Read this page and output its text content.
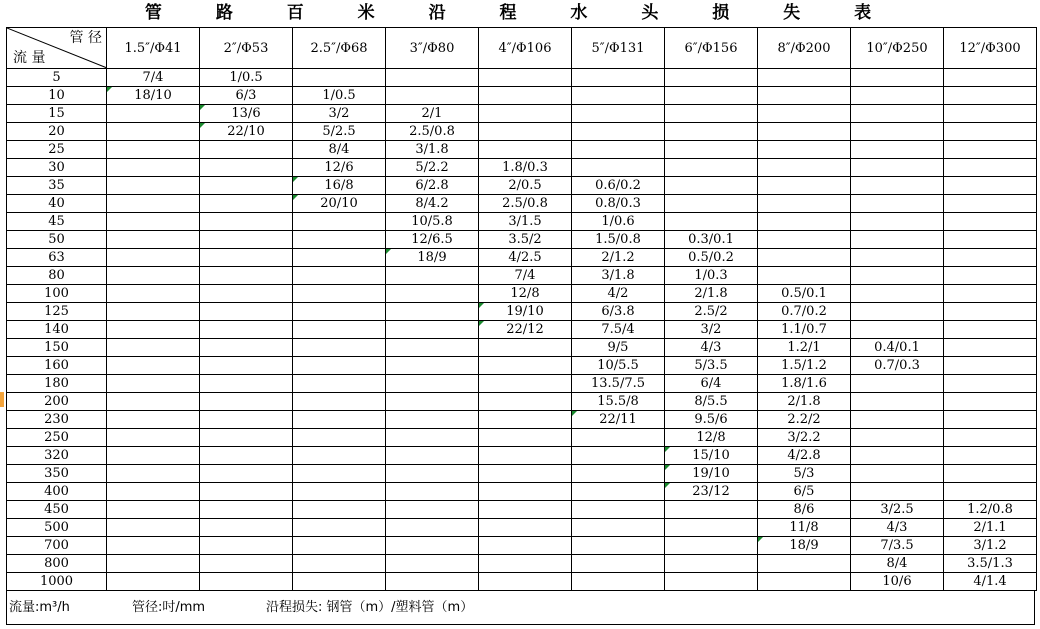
管 路 百 米 沿 程 水 头 损 失 表
管 径
流 量	1.5″/Φ41	2″/Φ53	2.5″/Φ68	3″/Φ80	4″/Φ106	5″/Φ131	6″/Φ156	8″/Φ200	10″/Φ250	12″/Φ300
5	7/4	1/0.5								
10	18/10	6/3	1/0.5							
15		13/6	3/2	2/1						
20		22/10	5/2.5	2.5/0.8						
25			8/4	3/1.8						
30			12/6	5/2.2	1.8/0.3					
35			16/8	6/2.8	2/0.5	0.6/0.2				
40			20/10	8/4.2	2.5/0.8	0.8/0.3				
45				10/5.8	3/1.5	1/0.6				
50				12/6.5	3.5/2	1.5/0.8	0.3/0.1			
63				18/9	4/2.5	2/1.2	0.5/0.2			
80					7/4	3/1.8	1/0.3			
100					12/8	4/2	2/1.8	0.5/0.1		
125					19/10	6/3.8	2.5/2	0.7/0.2		
140					22/12	7.5/4	3/2	1.1/0.7		
150						9/5	4/3	1.2/1	0.4/0.1	
160						10/5.5	5/3.5	1.5/1.2	0.7/0.3	
180						13.5/7.5	6/4	1.8/1.6		
200						15.5/8	8/5.5	2/1.8		
230						22/11	9.5/6	2.2/2		
250							12/8	3/2.2		
320							15/10	4/2.8		
350							19/10	5/3		
400							23/12	6/5		
450								8/6	3/2.5	1.2/0.8
500								11/8	4/3	2/1.1
700								18/9	7/3.5	3/1.2
800									8/4	3.5/1.3
1000									10/6	4/1.4
流量:m³/h	管径:吋/mm	沿程损失: 钢管（m）/塑料管（m）
